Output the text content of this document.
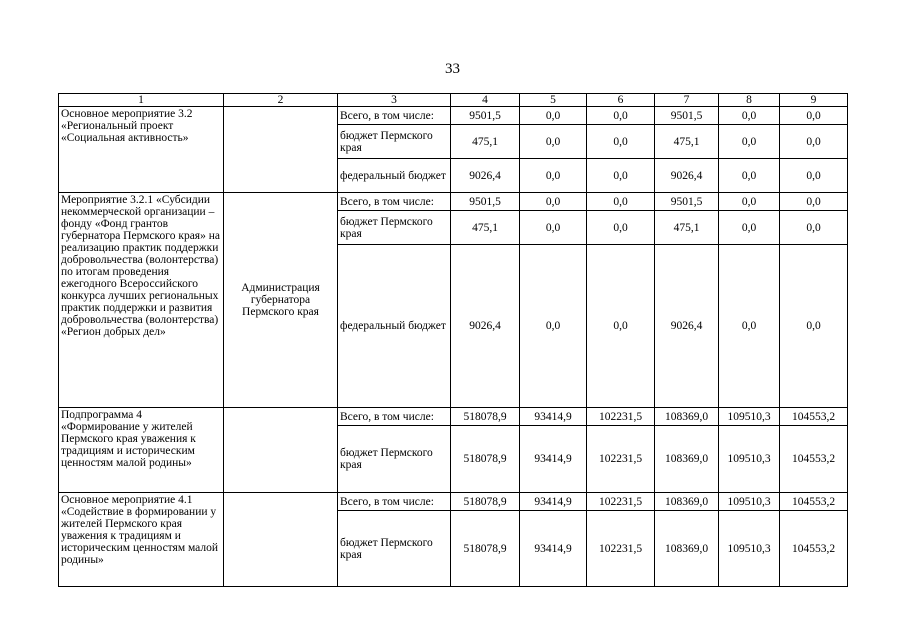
33
1	2	3	4	5	6	7	8	9
Основное мероприятие 3.2 «Региональный проект «Социальная активность»		Всего, в том числе:	9501,5	0,0	0,0	9501,5	0,0	0,0
		бюджет Пермского края	475,1	0,0	0,0	475,1	0,0	0,0
		федеральный бюджет	9026,4	0,0	0,0	9026,4	0,0	0,0
Мероприятие 3.2.1 «Субсидии некоммерческой организации – фонду «Фонд грантов губернатора Пермского края» на реализацию практик поддержки добровольчества (волонтерства) по итогам проведения ежегодного Всероссийского конкурса лучших региональных практик поддержки и развития добровольчества (волонтерства) «Регион добрых дел»	Администрация губернатора Пермского края	Всего, в том числе:	9501,5	0,0	0,0	9501,5	0,0	0,0
		бюджет Пермского края	475,1	0,0	0,0	475,1	0,0	0,0
		федеральный бюджет	9026,4	0,0	0,0	9026,4	0,0	0,0
Подпрограмма 4 «Формирование у жителей Пермского края уважения к традициям и историческим ценностям малой родины»		Всего, в том числе:	518078,9	93414,9	102231,5	108369,0	109510,3	104553,2
		бюджет Пермского края	518078,9	93414,9	102231,5	108369,0	109510,3	104553,2
Основное мероприятие 4.1 «Содействие в формировании у жителей Пермского края уважения к традициям и историческим ценностям малой родины»		Всего, в том числе:	518078,9	93414,9	102231,5	108369,0	109510,3	104553,2
		бюджет Пермского края	518078,9	93414,9	102231,5	108369,0	109510,3	104553,2
